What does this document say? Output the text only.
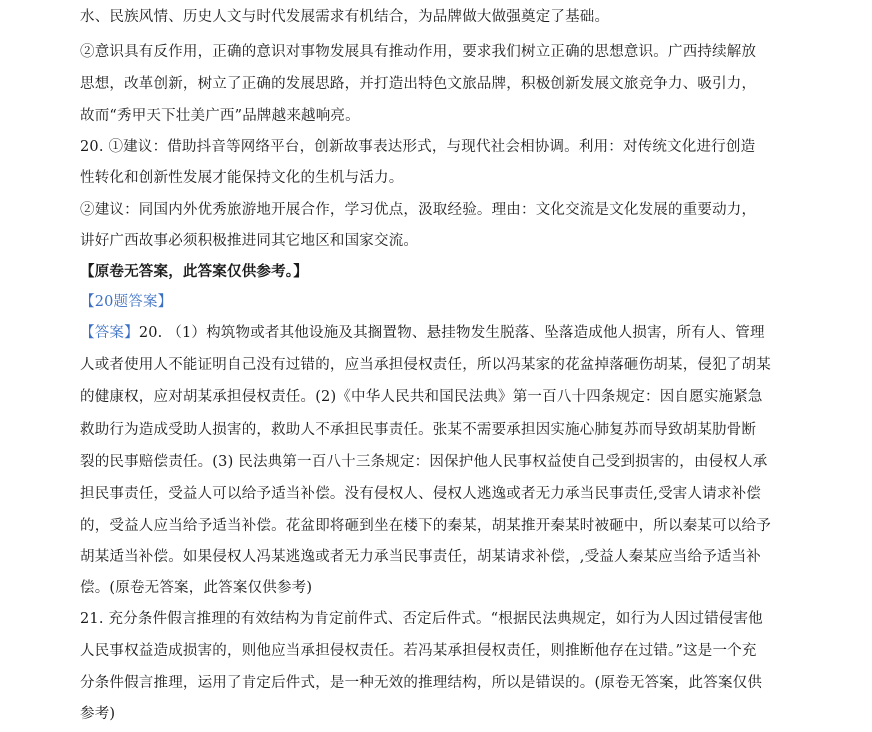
水、民族风情、历史人文与时代发展需求有机结合，为品牌做大做强奠定了基础。
②意识具有反作用，正确的意识对事物发展具有推动作用，要求我们树立正确的思想意识。广西持续解放
思想，改革创新，树立了正确的发展思路，并打造出特色文旅品牌，积极创新发展文旅竞争力、吸引力，
故而“秀甲天下壮美广西”品牌越来越响亮。
20. ①建议：借助抖音等网络平台，创新故事表达形式，与现代社会相协调。利用：对传统文化进行创造
性转化和创新性发展才能保持文化的生机与活力。
②建议：同国内外优秀旅游地开展合作，学习优点，汲取经验。理由：文化交流是文化发展的重要动力，
讲好广西故事必须积极推进同其它地区和国家交流。
【原卷无答案，此答案仅供参考。】
【20题答案】
【答案】20. （1）构筑物或者其他设施及其搁置物、悬挂物发生脱落、坠落造成他人损害，所有人、管理
人或者使用人不能证明自己没有过错的，应当承担侵权责任，所以冯某家的花盆掉落砸伤胡某，侵犯了胡某
的健康权，应对胡某承担侵权责任。(2)《中华人民共和国民法典》第一百八十四条规定：因自愿实施紧急
救助行为造成受助人损害的，救助人不承担民事责任。张某不需要承担因实施心肺复苏而导致胡某肋骨断
裂的民事赔偿责任。(3) 民法典第一百八十三条规定：因保护他人民事权益使自己受到损害的，由侵权人承
担民事责任，受益人可以给予适当补偿。没有侵权人、侵权人逃逸或者无力承当民事责任,受害人请求补偿
的，受益人应当给予适当补偿。花盆即将砸到坐在楼下的秦某，胡某推开秦某时被砸中，所以秦某可以给予
胡某适当补偿。如果侵权人冯某逃逸或者无力承当民事责任，胡某请求补偿，,受益人秦某应当给予适当补
偿。(原卷无答案，此答案仅供参考)
21. 充分条件假言推理的有效结构为肯定前件式、否定后件式。“根据民法典规定，如行为人因过错侵害他
人民事权益造成损害的，则他应当承担侵权责任。若冯某承担侵权责任，则推断他存在过错。”这是一个充
分条件假言推理，运用了肯定后件式，是一种无效的推理结构，所以是错误的。(原卷无答案，此答案仅供
参考)
